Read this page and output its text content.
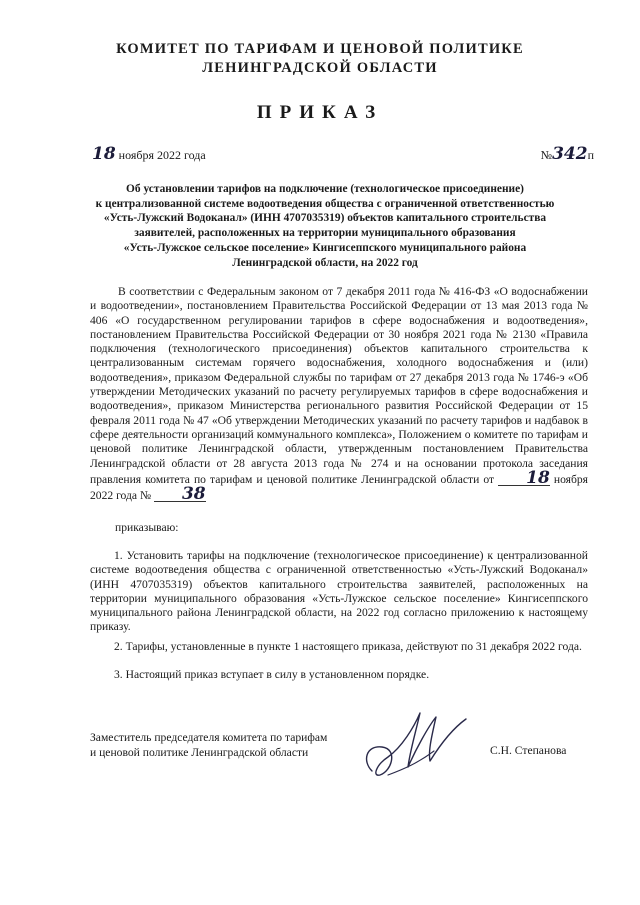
КОМИТЕТ ПО ТАРИФАМ И ЦЕНОВОЙ ПОЛИТИКЕ
ЛЕНИНГРАДСКОЙ ОБЛАСТИ
ПРИКАЗ
18 ноября 2022 года	№342п
Об установлении тарифов на подключение (технологическое присоединение)
к централизованной системе водоотведения общества с ограниченной ответственностью
«Усть-Лужский Водоканал» (ИНН 4707035319) объектов капитального строительства
заявителей, расположенных на территории муниципального образования
«Усть-Лужское сельское поселение» Кингисеппского муниципального района
Ленинградской области, на 2022 год
В соответствии с Федеральным законом от 7 декабря 2011 года № 416-ФЗ «О водоснабжении и водоотведении», постановлением Правительства Российской Федерации от 13 мая 2013 года № 406 «О государственном регулировании тарифов в сфере водоснабжения и водоотведения», постановлением Правительства Российской Федерации от 30 ноября 2021 года № 2130 «Правила подключения (технологического присоединения) объектов капитального строительства к централизованным системам горячего водоснабжения, холодного водоснабжения и (или) водоотведения», приказом Федеральной службы по тарифам от 27 декабря 2013 года № 1746-э «Об утверждении Методических указаний по расчету регулируемых тарифов в сфере водоснабжения и водоотведения», приказом Министерства регионального развития Российской Федерации от 15 февраля 2011 года № 47 «Об утверждении Методических указаний по расчету тарифов и надбавок в сфере деятельности организаций коммунального комплекса», Положением о комитете по тарифам и ценовой политике Ленинградской области, утвержденным постановлением Правительства Ленинградской области от 28 августа 2013 года № 274 и на основании протокола заседания правления комитета по тарифам и ценовой политике Ленинградской области от 18 ноября 2022 года № 38
приказываю:
1. Установить тарифы на подключение (технологическое присоединение) к централизованной системе водоотведения общества с ограниченной ответственностью «Усть-Лужский Водоканал» (ИНН 4707035319) объектов капитального строительства заявителей, расположенных на территории муниципального образования «Усть-Лужское сельское поселение» Кингисеппского муниципального района Ленинградской области, на 2022 год согласно приложению к настоящему приказу.
2. Тарифы, установленные в пункте 1 настоящего приказа, действуют по 31 декабря 2022 года.
3. Настоящий приказ вступает в силу в установленном порядке.
Заместитель председателя комитета по тарифам
и ценовой политике Ленинградской области	С.Н. Степанова
